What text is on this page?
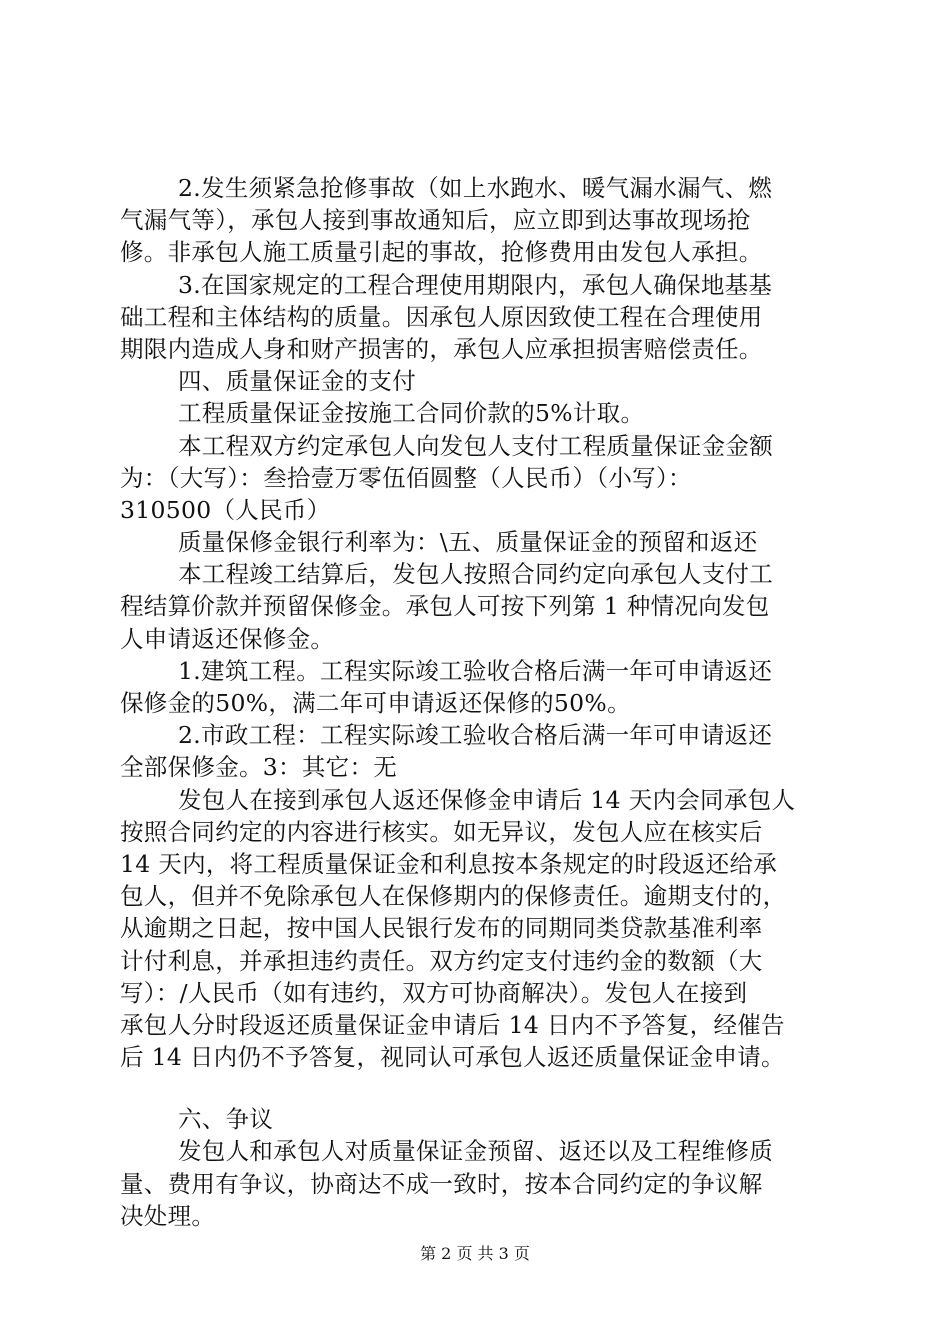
2.发生须紧急抢修事故（如上水跑水、暖气漏水漏气、燃
气漏气等），承包人接到事故通知后，应立即到达事故现场抢
修。非承包人施工质量引起的事故，抢修费用由发包人承担。
3.在国家规定的工程合理使用期限内，承包人确保地基基
础工程和主体结构的质量。因承包人原因致使工程在合理使用
期限内造成人身和财产损害的，承包人应承担损害赔偿责任。
四、质量保证金的支付
工程质量保证金按施工合同价款的5%计取。
本工程双方约定承包人向发包人支付工程质量保证金金额
为：（大写）：叁拾壹万零伍佰圆整（人民币）（小写）：
310500（人民币）
质量保修金银行利率为：\五、质量保证金的预留和返还
本工程竣工结算后，发包人按照合同约定向承包人支付工
程结算价款并预留保修金。承包人可按下列第 1 种情况向发包
人申请返还保修金。
1.建筑工程。工程实际竣工验收合格后满一年可申请返还
保修金的50%，满二年可申请返还保修的50%。
2.市政工程：工程实际竣工验收合格后满一年可申请返还
全部保修金。3：其它：无
发包人在接到承包人返还保修金申请后 14 天内会同承包人
按照合同约定的内容进行核实。如无异议，发包人应在核实后
14 天内，将工程质量保证金和利息按本条规定的时段返还给承
包人，但并不免除承包人在保修期内的保修责任。逾期支付的，
从逾期之日起，按中国人民银行发布的同期同类贷款基准利率
计付利息，并承担违约责任。双方约定支付违约金的数额（大
写）：/人民币（如有违约，双方可协商解决）。发包人在接到
承包人分时段返还质量保证金申请后 14 日内不予答复，经催告
后 14 日内仍不予答复，视同认可承包人返还质量保证金申请。
六、争议
发包人和承包人对质量保证金预留、返还以及工程维修质
量、费用有争议，协商达不成一致时，按本合同约定的争议解
决处理。
第 2 页 共 3 页
